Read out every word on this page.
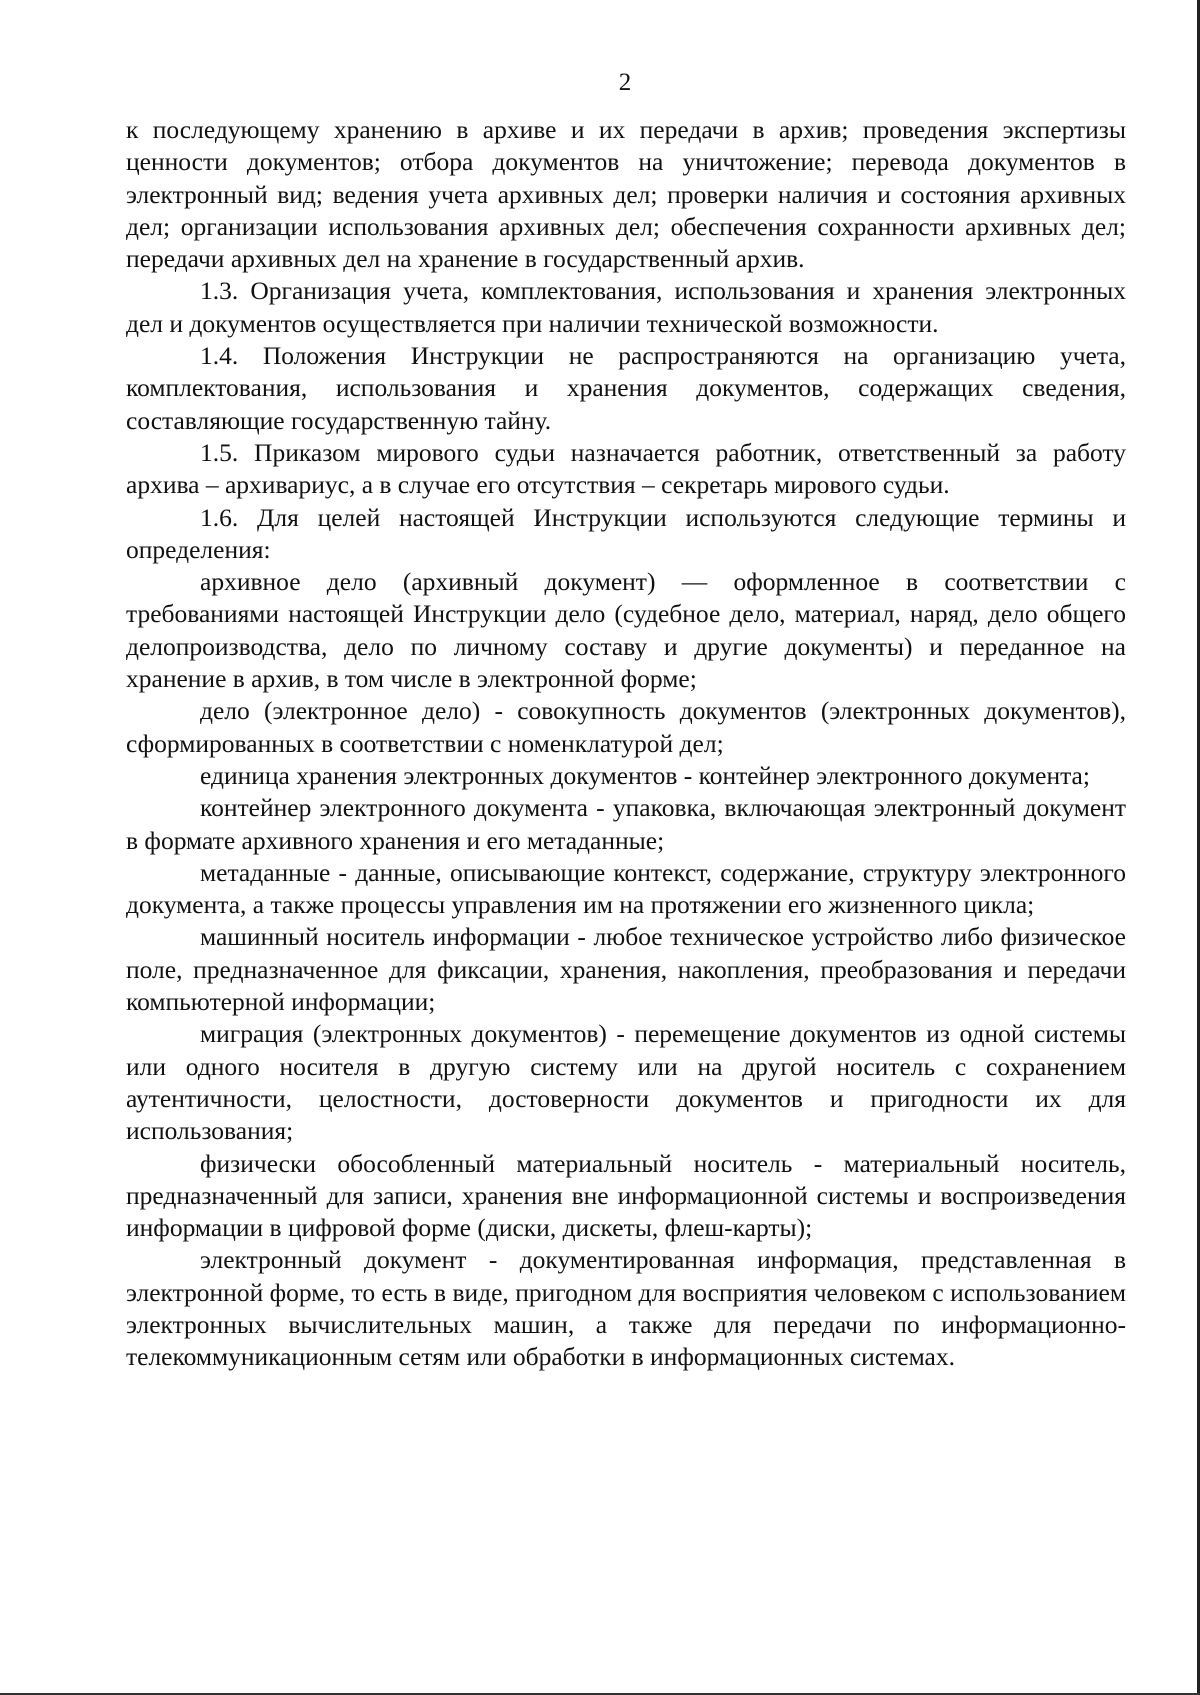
2

к последующему хранению в архиве и их передачи в архив; проведения экспертизы ценности документов; отбора документов на уничтожение; перевода документов в электронный вид; ведения учета архивных дел; проверки наличия и состояния архивных дел; организации использования архивных дел; обеспечения сохранности архивных дел; передачи архивных дел на хранение в государственный архив.

1.3. Организация учета, комплектования, использования и хранения электронных дел и документов осуществляется при наличии технической возможности.

1.4. Положения Инструкции не распространяются на организацию учета, комплектования, использования и хранения документов, содержащих сведения, составляющие государственную тайну.

1.5. Приказом мирового судьи назначается работник, ответственный за работу архива – архивариус, а в случае его отсутствия – секретарь мирового судьи.

1.6. Для целей настоящей Инструкции используются следующие термины и определения:

архивное дело (архивный документ) — оформленное в соответствии с требованиями настоящей Инструкции дело (судебное дело, материал, наряд, дело общего делопроизводства, дело по личному составу и другие документы) и переданное на хранение в архив, в том числе в электронной форме;

дело (электронное дело) - совокупность документов (электронных документов), сформированных в соответствии с номенклатурой дел;

единица хранения электронных документов - контейнер электронного документа;

контейнер электронного документа - упаковка, включающая электронный документ в формате архивного хранения и его метаданные;

метаданные - данные, описывающие контекст, содержание, структуру электронного документа, а также процессы управления им на протяжении его жизненного цикла;

машинный носитель информации - любое техническое устройство либо физическое поле, предназначенное для фиксации, хранения, накопления, преобразования и передачи компьютерной информации;

миграция (электронных документов) - перемещение документов из одной системы или одного носителя в другую систему или на другой носитель с сохранением аутентичности, целостности, достоверности документов и пригодности их для использования;

физически обособленный материальный носитель - материальный носитель, предназначенный для записи, хранения вне информационной системы и воспроизведения информации в цифровой форме (диски, дискеты, флеш-карты);

электронный документ - документированная информация, представленная в электронной форме, то есть в виде, пригодном для восприятия человеком с использованием электронных вычислительных машин, а также для передачи по информационно-телекоммуникационным сетям или обработки в информационных системах.
